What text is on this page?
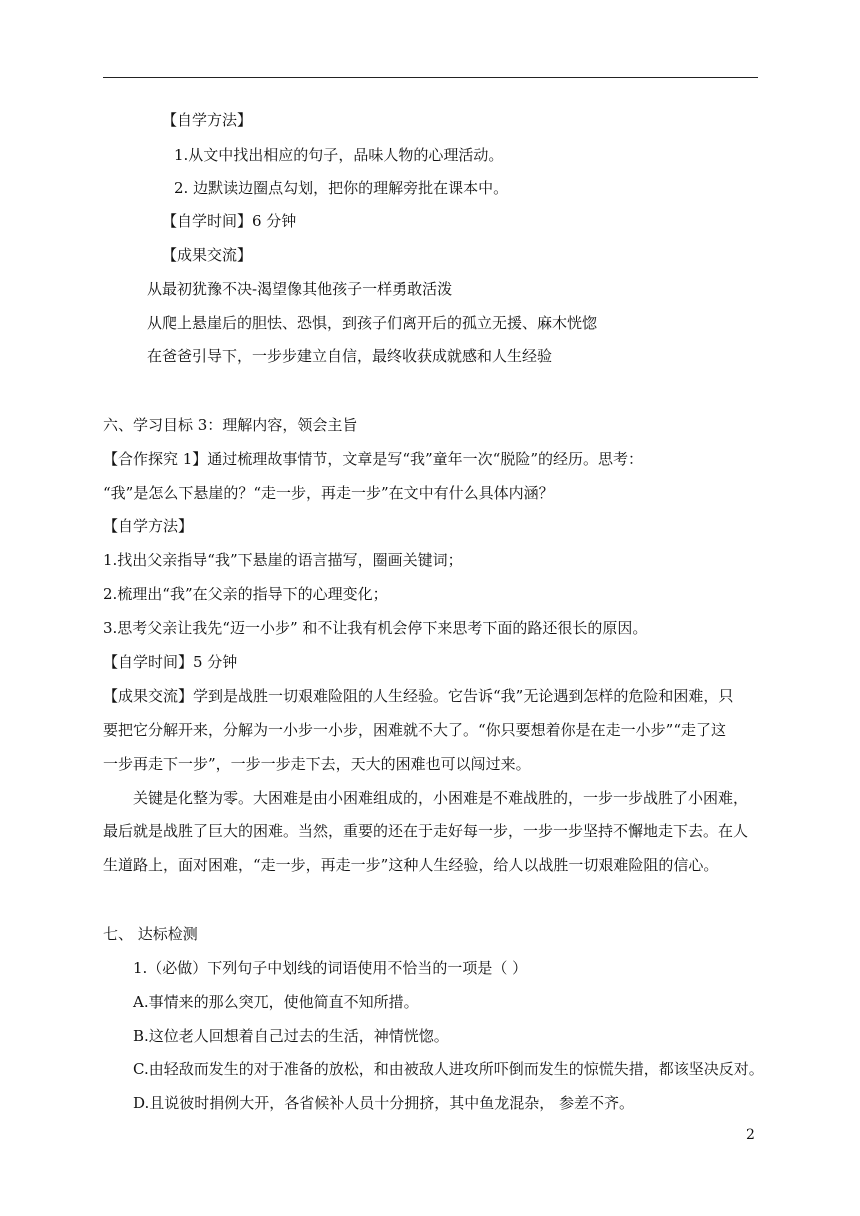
【自学方法】
1.从文中找出相应的句子，品味人物的心理活动。
2. 边默读边圈点勾划，把你的理解旁批在课本中。
【自学时间】6 分钟
【成果交流】
从最初犹豫不决-渴望像其他孩子一样勇敢活泼
从爬上悬崖后的胆怯、恐惧，到孩子们离开后的孤立无援、麻木恍惚
在爸爸引导下，一步步建立自信，最终收获成就感和人生经验
六、学习目标 3：理解内容，领会主旨
【合作探究 1】通过梳理故事情节，文章是写“我”童年一次“脱险”的经历。思考：
“我”是怎么下悬崖的？“走一步，再走一步”在文中有什么具体内涵？
【自学方法】
1.找出父亲指导“我”下悬崖的语言描写，圈画关键词；
2.梳理出“我”在父亲的指导下的心理变化；
3.思考父亲让我先“迈一小步” 和不让我有机会停下来思考下面的路还很长的原因。
【自学时间】5 分钟
【成果交流】学到是战胜一切艰难险阻的人生经验。它告诉“我”无论遇到怎样的危险和困难，只
要把它分解开来，分解为一小步一小步，困难就不大了。“你只要想着你是在走一小步”“走了这
一步再走下一步”，一步一步走下去，天大的困难也可以闯过来。
关键是化整为零。大困难是由小困难组成的，小困难是不难战胜的，一步一步战胜了小困难，
最后就是战胜了巨大的困难。当然，重要的还在于走好每一步，一步一步坚持不懈地走下去。在人
生道路上，面对困难，“走一步，再走一步”这种人生经验，给人以战胜一切艰难险阻的信心。
七、 达标检测
1.（必做）下列句子中划线的词语使用不恰当的一项是（ ）
A.事情来的那么突兀，使他简直不知所措。
B.这位老人回想着自己过去的生活，神情恍惚。
C.由轻敌而发生的对于准备的放松，和由被敌人进攻所吓倒而发生的惊慌失措，都该坚决反对。
D.且说彼时捐例大开，各省候补人员十分拥挤，其中鱼龙混杂， 参差不齐。
2
